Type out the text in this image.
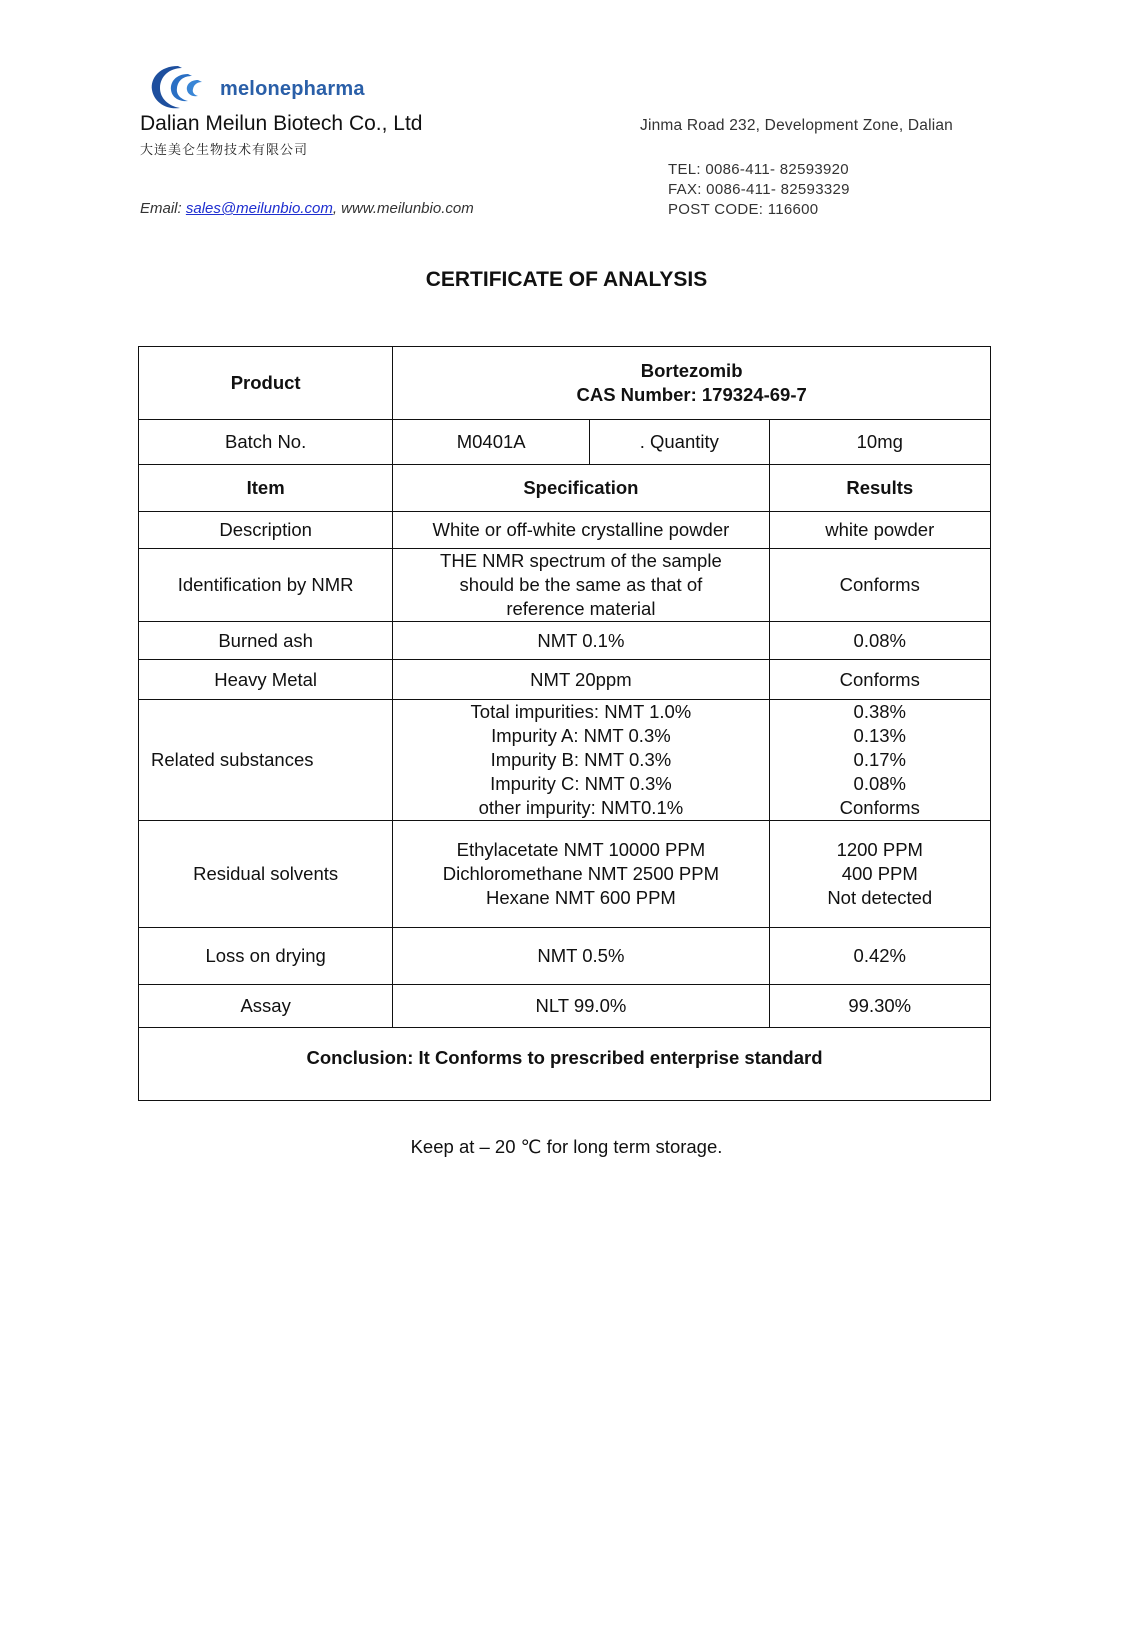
melonepharma
Dalian Meilun Biotech Co., Ltd
大连美仑生物技术有限公司
Email: sales@meilunbio.com, www.meilunbio.com
Jinma Road 232, Development Zone, Dalian
TEL: 0086-411- 82593920
FAX: 0086-411- 82593329
POST CODE: 116600
CERTIFICATE OF ANALYSIS
Product	Bortezomib
CAS Number: 179324-69-7		

Batch No.	M0401A	. Quantity	10mg
Item	Specification		Results
Description	White or off-white crystalline powder		white powder

Identification by NMR	THE NMR spectrum of the sample
should be the same as that of
reference material		Conforms

Burned ash	NMT 0.1%		0.08%

Heavy Metal	NMT 20ppm		Conforms

Related substances	Total impurities: NMT 1.0%
Impurity A: NMT 0.3%
Impurity B: NMT 0.3%
Impurity C: NMT 0.3%
other impurity: NMT0.1%		0.38%
0.13%
0.17%
0.08%
Conforms

Residual solvents	Ethylacetate NMT 10000 PPM
Dichloromethane NMT 2500 PPM
Hexane NMT 600 PPM		1200 PPM
400 PPM
Not detected

Loss on drying	NMT 0.5%		0.42%

Assay	NLT 99.0%		99.30%

Conclusion: It Conforms to prescribed enterprise standard			
Keep at – 20 ℃ for long term storage.
